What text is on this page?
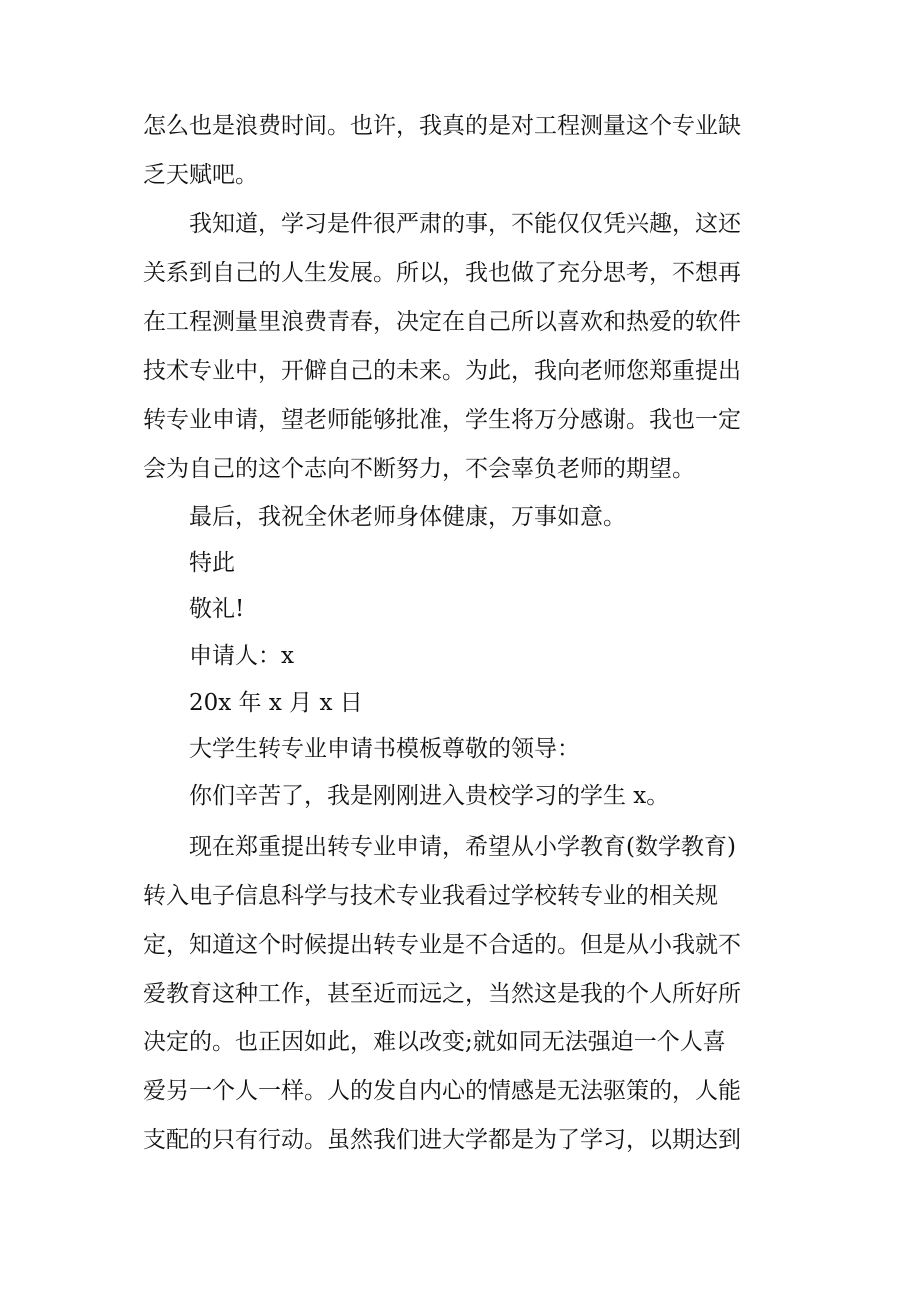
怎么也是浪费时间。也许，我真的是对工程测量这个专业缺

乏天赋吧。

我知道，学习是件很严肃的事，不能仅仅凭兴趣，这还

关系到自己的人生发展。所以，我也做了充分思考，不想再

在工程测量里浪费青春，决定在自己所以喜欢和热爱的软件

技术专业中，开僻自己的未来。为此，我向老师您郑重提出

转专业申请，望老师能够批准，学生将万分感谢。我也一定

会为自己的这个志向不断努力，不会辜负老师的期望。

最后，我祝全休老师身体健康，万事如意。

特此

敬礼!

申请人：x

20x 年 x 月 x 日

大学生转专业申请书模板尊敬的领导：

你们辛苦了，我是刚刚进入贵校学习的学生 x。

现在郑重提出转专业申请，希望从小学教育(数学教育)

转入电子信息科学与技术专业我看过学校转专业的相关规

定，知道这个时候提出转专业是不合适的。但是从小我就不

爱教育这种工作，甚至近而远之，当然这是我的个人所好所

决定的。也正因如此，难以改变;就如同无法强迫一个人喜

爱另一个人一样。人的发自内心的情感是无法驱策的，人能

支配的只有行动。虽然我们进大学都是为了学习，以期达到
